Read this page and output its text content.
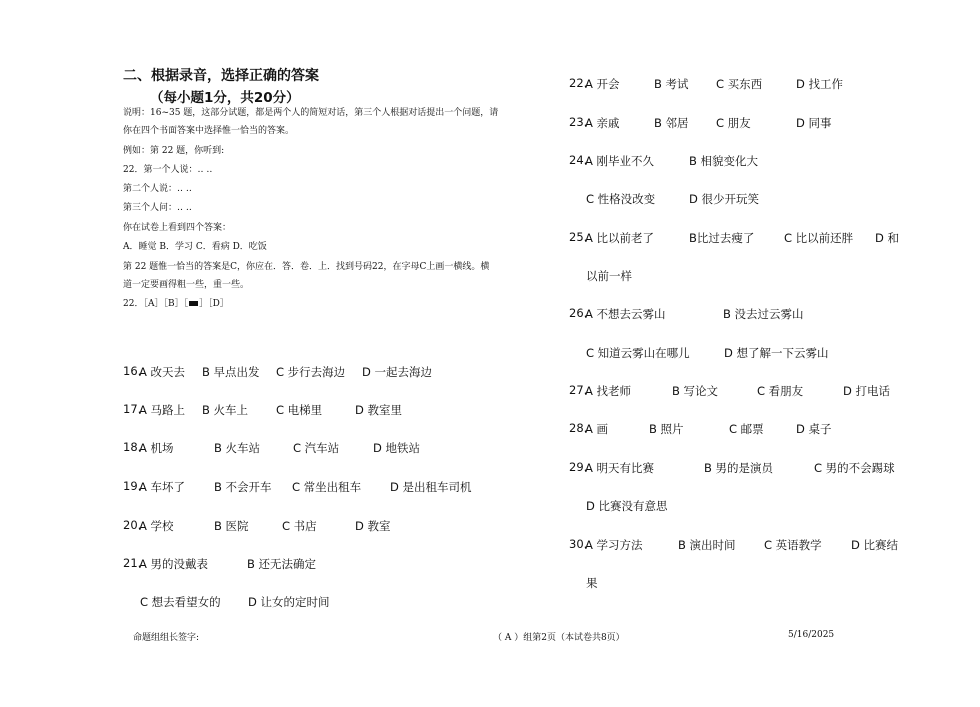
二、根据录音，选择正确的答案
（每小题1分，共20分）
说明：16~35 题，这部分试题，都是两个人的简短对话，第三个人根据对话提出一个问题，请
你在四个书面答案中选择惟一恰当的答案。
例如：第 22 题，你听到:
22．第一个人说：‥ ‥
第二个人说：‥ ‥
第三个人问：‥ ‥
你在试卷上看到四个答案：
A．睡觉 B．学习 C．看病 D．吃饭
第 22 题惟一恰当的答案是C，你应在．答．卷．上．找到号码22，在字母C上画一横线。横
道一定要画得粗一些，重一些。
22．［A］［B］［ ］［D］
16.
A 改天去 B 早点出发 C 步行去海边 D 一起去海边
17.
A 马路上 B 火车上 C 电梯里	D 教室里
18.
A 机场	B 火车站	C 汽车站	D 地铁站
19.
A 车坏了	B 不会开车 C 常坐出租车	D 是出租车司机
20.
A 学校	B 医院	C 书店	D 教室
21.
A 男的没戴表	B 还无法确定
C 想去看望女的 D 让女的定时间
22.
A 开会	B 考试 C 买东西	D 找工作
23.
A 亲戚	B 邻居 C 朋友	D 同事
24.
A 刚毕业不久	B 相貌变化大
C 性格没改变	D 很少开玩笑
25.
A 比以前老了	B比过去瘦了	C 比以前还胖 D 和
以前一样
26.
A 不想去云雾山	B 没去过云雾山
C 知道云雾山在哪儿	D 想了解一下云雾山
27.
A 找老师	B 写论文	C 看朋友	D 打电话
28.
A 画	B 照片	C 邮票	D 桌子
29.
A 明天有比赛	B 男的是演员	C 男的不会踢球
D 比赛没有意思
30.
A 学习方法	B 演出时间 C 英语教学	D 比赛结
果
命题组组长签字:	（ A ）组第2页（本试卷共8页）	5/16/2025
